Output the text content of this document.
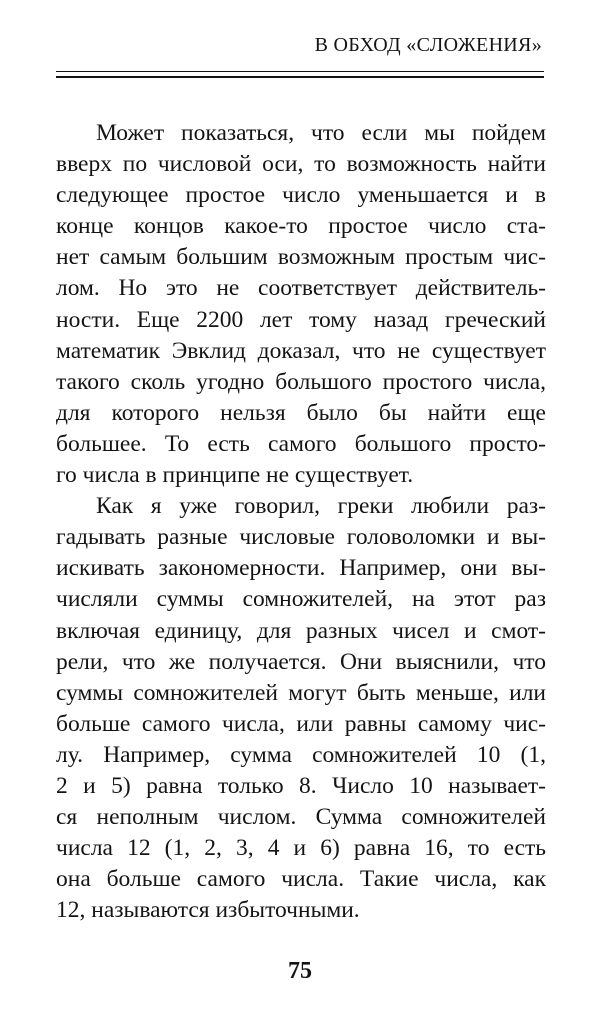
В ОБХОД «СЛОЖЕНИЯ»
Может показаться, что если мы пойдем
вверх по числовой оси, то возможность найти
следующее простое число уменьшается и в
конце концов какое-то простое число ста-
нет самым большим возможным простым чис-
лом. Но это не соответствует действитель-
ности. Еще 2200 лет тому назад греческий
математик Эвклид доказал, что не существует
такого сколь угодно большого простого числа,
для которого нельзя было бы найти еще
большее. То есть самого большого просто-
го числа в принципе не существует.
Как я уже говорил, греки любили раз-
гадывать разные числовые головоломки и вы-
искивать закономерности. Например, они вы-
числяли суммы сомножителей, на этот раз
включая единицу, для разных чисел и смот-
рели, что же получается. Они выяснили, что
суммы сомножителей могут быть меньше, или
больше самого числа, или равны самому чис-
лу. Например, сумма сомножителей 10 (1,
2 и 5) равна только 8. Число 10 называет-
ся неполным числом. Сумма сомножителей
числа 12 (1, 2, 3, 4 и 6) равна 16, то есть
она больше самого числа. Такие числа, как
12, называются избыточными.
75
